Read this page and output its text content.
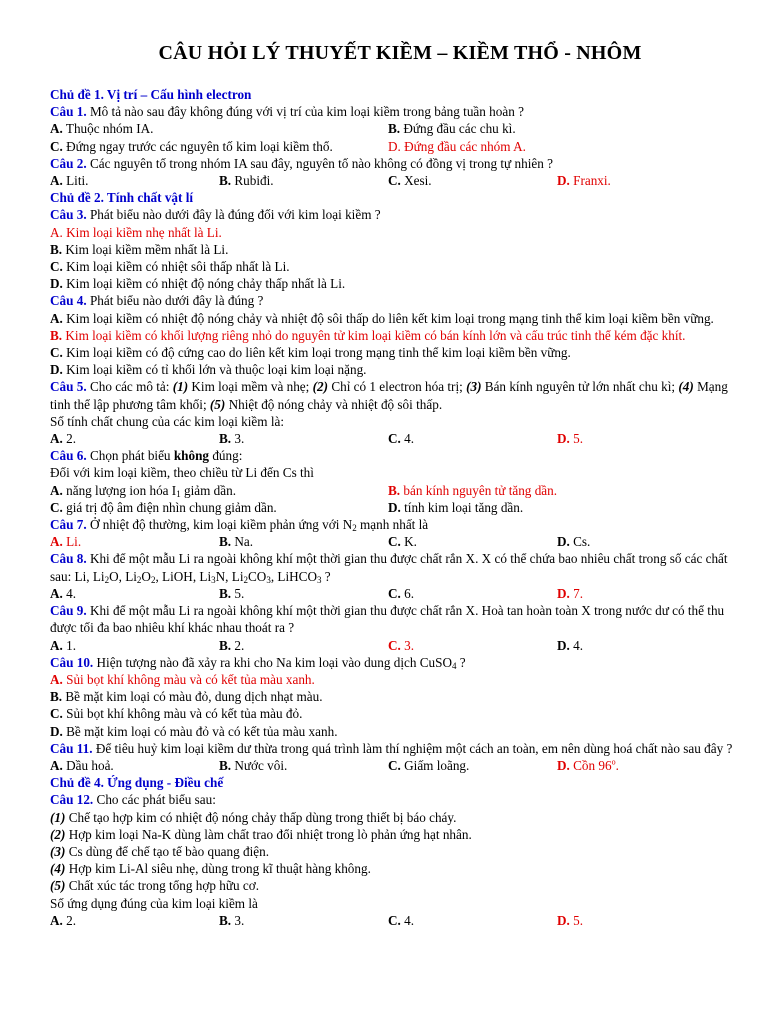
CÂU HỎI LÝ THUYẾT KIỀM – KIỀM THỔ - NHÔM
Chủ đề 1. Vị trí – Cấu hình electron
Câu 1. Mô tả nào sau đây không đúng với vị trí của kim loại kiềm trong bảng tuần hoàn ?
A. Thuộc nhóm IA.	B. Đứng đầu các chu kì.
C. Đứng ngay trước các nguyên tố kim loại kiềm thổ.	D. Đứng đầu các nhóm A.
Câu 2. Các nguyên tố trong nhóm IA sau đây, nguyên tố nào không có đồng vị trong tự nhiên ?
A. Liti.	B. Rubiđi.	C. Xesi.	D. Franxi.
Chủ đề 2. Tính chất vật lí
Câu 3. Phát biểu nào dưới đây là đúng đối với kim loại kiềm ?
A. Kim loại kiềm nhẹ nhất là Li.
B. Kim loại kiềm mềm nhất là Li.
C. Kim loại kiềm có nhiệt sôi thấp nhất là Li.
D. Kim loại kiềm có nhiệt độ nóng chảy thấp nhất là Li.
Câu 4. Phát biểu nào dưới đây là đúng ?
A. Kim loại kiềm có nhiệt độ nóng chảy và nhiệt độ sôi thấp do liên kết kim loại trong mạng tinh thể kim loại kiềm bền vững.
B. Kim loại kiềm có khối lượng riêng nhỏ do nguyên tử kim loại kiềm có bán kính lớn và cấu trúc tinh thể kém đặc khít.
C. Kim loại kiềm có độ cứng cao do liên kết kim loại trong mạng tinh thể kim loại kiềm bền vững.
D. Kim loại kiềm có tỉ khối lớn và thuộc loại kim loại nặng.
Câu 5. Cho các mô tả: (1) Kim loại mềm và nhẹ; (2) Chỉ có 1 electron hóa trị; (3) Bán kính nguyên tử lớn nhất chu kì; (4) Mạng tinh thể lập phương tâm khối; (5) Nhiệt độ nóng chảy và nhiệt độ sôi thấp.
Số tính chất chung của các kim loại kiềm là:
A. 2.	B. 3.	C. 4.	D. 5.
Câu 6. Chọn phát biểu không đúng:
Đối với kim loại kiềm, theo chiều từ Li đến Cs thì
A. năng lượng ion hóa $I_1$ giảm dần.	B. bán kính nguyên tử tăng dần.
C. giá trị độ âm điện nhìn chung giảm dần.	D. tính kim loại tăng dần.
Câu 7. Ở nhiệt độ thường, kim loại kiềm phản ứng với $N_2$ mạnh nhất là
A. Li.	B. Na.	C. K.	D. Cs.
Câu 8. Khi để một mẫu Li ra ngoài không khí một thời gian thu được chất rắn X. X có thể chứa bao nhiêu chất trong số các chất sau: Li, $Li_2O$, $Li_2O_2$, LiOH, $Li_3N$, $Li_2CO_3$, LiHCO$_3$ ?
A. 4.	B. 5.	C. 6.	D. 7.
Câu 9. Khi để một mẫu Li ra ngoài không khí một thời gian thu được chất rắn X. Hoà tan hoàn toàn X trong nước dư có thể thu được tối đa bao nhiêu khí khác nhau thoát ra ?
A. 1.	B. 2.	C. 3.	D. 4.
Câu 10. Hiện tượng nào đã xảy ra khi cho Na kim loại vào dung dịch CuSO$_4$ ?
A. Sủi bọt khí không màu và có kết tủa màu xanh.
B. Bề mặt kim loại có màu đỏ, dung dịch nhạt màu.
C. Sủi bọt khí không màu và có kết tủa màu đỏ.
D. Bề mặt kim loại có màu đỏ và có kết tủa màu xanh.
Câu 11. Để tiêu huỷ kim loại kiềm dư thừa trong quá trình làm thí nghiệm một cách an toàn, em nên dùng hoá chất nào sau đây ?
A. Dầu hoả.	B. Nước vôi.	C. Giấm loãng.	D. Cồn 96$^o$.
Chủ đề 4. Ứng dụng - Điều chế
Câu 12. Cho các phát biểu sau:
(1) Chế tạo hợp kim có nhiệt độ nóng chảy thấp dùng trong thiết bị báo cháy.
(2) Hợp kim loại Na-K dùng làm chất trao đổi nhiệt trong lò phản ứng hạt nhân.
(3) Cs dùng để chế tạo tế bào quang điện.
(4) Hợp kim Li-Al siêu nhẹ, dùng trong kĩ thuật hàng không.
(5) Chất xúc tác trong tổng hợp hữu cơ.
Số ứng dụng đúng của kim loại kiềm là
A. 2.	B. 3.	C. 4.	D. 5.
